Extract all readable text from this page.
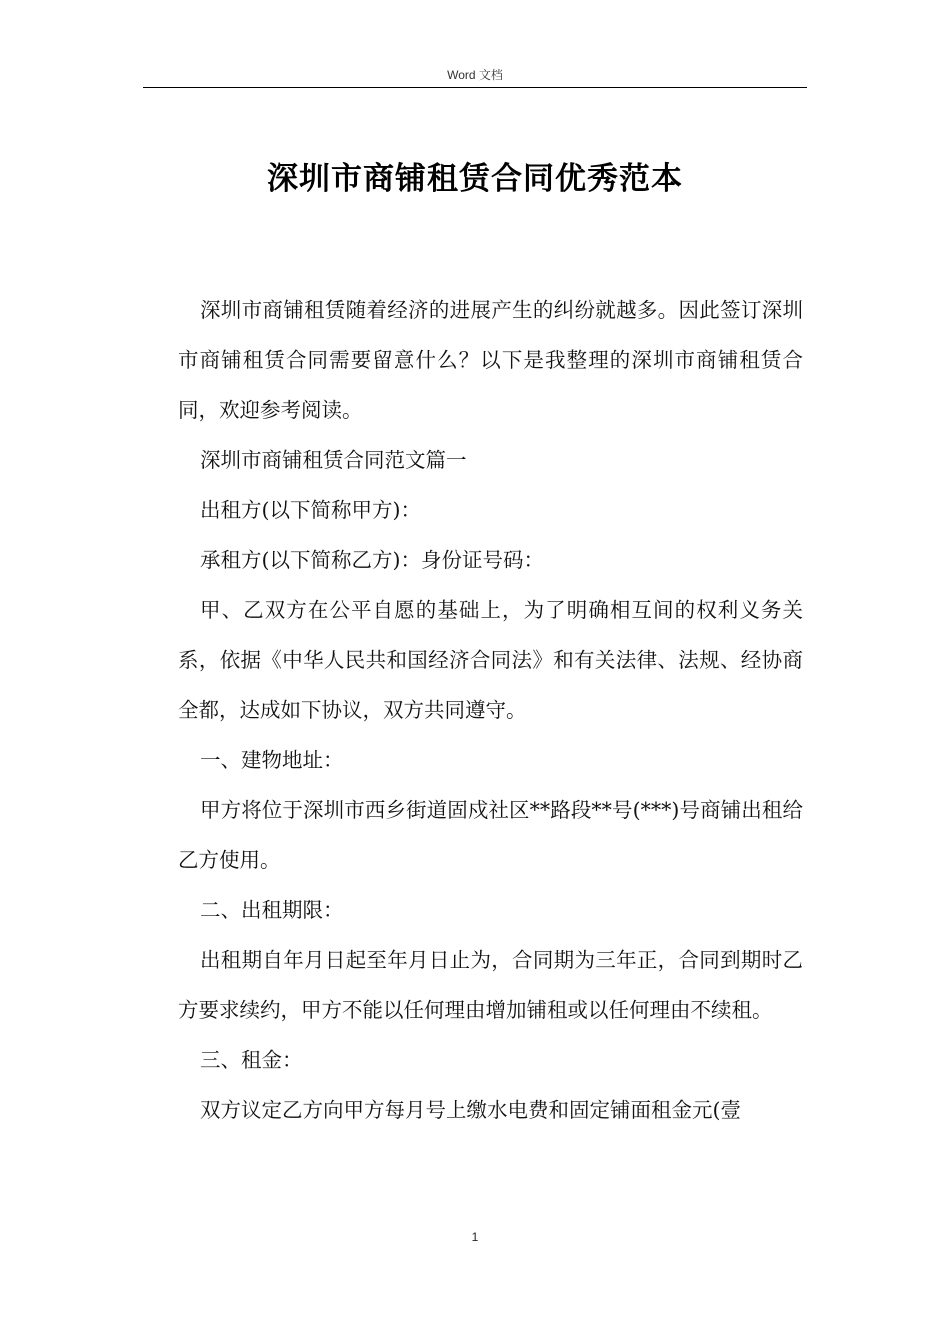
Word 文档
深圳市商铺租赁合同优秀范本

深圳市商铺租赁随着经济的进展产生的纠纷就越多。因此签订深圳市商铺租赁合同需要留意什么？以下是我整理的深圳市商铺租赁合同，欢迎参考阅读。

深圳市商铺租赁合同范文篇一

出租方(以下简称甲方)：

承租方(以下简称乙方)：身份证号码：

甲、乙双方在公平自愿的基础上，为了明确相互间的权利义务关系，依据《中华人民共和国经济合同法》和有关法律、法规、经协商全都，达成如下协议，双方共同遵守。

一、建物地址：

甲方将位于深圳市西乡街道固戍社区**路段**号(***)号商铺出租给乙方使用。

二、出租期限：

出租期自年月日起至年月日止为，合同期为三年正，合同到期时乙方要求续约，甲方不能以任何理由增加铺租或以任何理由不续租。

三、租金：

双方议定乙方向甲方每月号上缴水电费和固定铺面租金元(壹

1
